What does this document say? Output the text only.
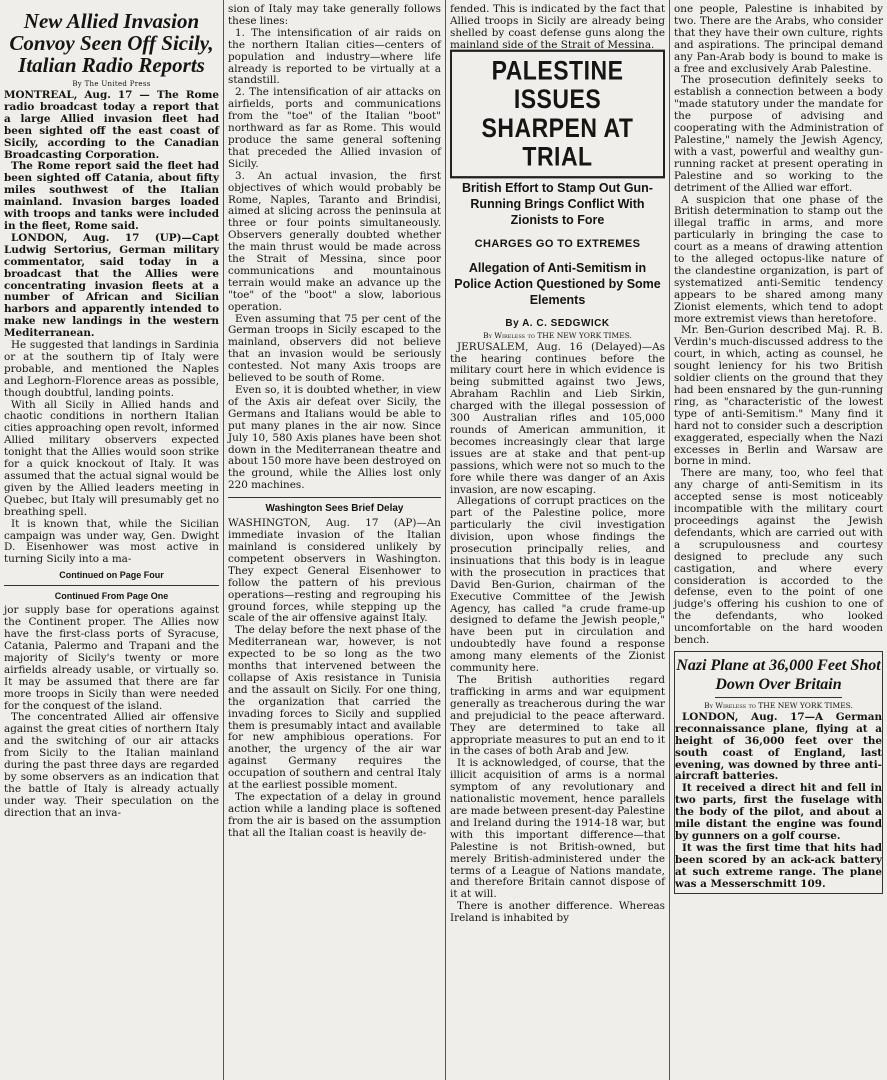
New Allied Invasion Convoy Seen Off Sicily, Italian Radio Reports
By The United Press

MONTREAL, Aug. 17 — The Rome radio broadcast today a report that a large Allied invasion fleet had been sighted off the east coast of Sicily, according to the Canadian Broadcasting Corporation.

The Rome report said the fleet had been sighted off Catania, about fifty miles southwest of the Italian mainland. Invasion barges loaded with troops and tanks were included in the fleet, Rome said.

LONDON, Aug. 17 (UP)—Capt Ludwig Sertorius, German military commentator, said today in a broadcast that the Allies were concentrating invasion fleets at a number of African and Sicilian harbors and apparently intended to make new landings in the western Mediterranean.

He suggested that landings in Sardinia or at the southern tip of Italy were probable, and mentioned the Naples and Leghorn-Florence areas as possible, though doubtful, landing points.

With all Sicily in Allied hands and chaotic conditions in northern Italian cities approaching open revolt, informed Allied military observers expected tonight that the Allies would soon strike for a quick knockout of Italy. It was assumed that the actual signal would be given by the Allied leaders meeting in Quebec, but Italy will presumably get no breathing spell.

It is known that, while the Sicilian campaign was under way, Gen. Dwight D. Eisenhower was most active in turning Sicily into a ma-

Continued on Page Four
Continued From Page One

jor supply base for operations against the Continent proper. The Allies now have the first-class ports of Syracuse, Catania, Palermo and Trapani and the majority of Sicily's twenty or more airfields already usable, or virtually so. It may be assumed that there are far more troops in Sicily than were needed for the conquest of the island.

The concentrated Allied air offensive against the great cities of northern Italy and the switching of our air attacks from Sicily to the Italian mainland during the past three days are regarded by some observers as an indication that the battle of Italy is already actually under way. Their speculation on the direction that an inva-

sion of Italy may take generally follows these lines:

1. The intensification of air raids on the northern Italian cities—centers of population and industry—where life already is reported to be virtually at a standstill.

2. The intensification of air attacks on airfields, ports and communications from the "toe" of the Italian "boot" northward as far as Rome. This would produce the same general softening that preceded the Allied invasion of Sicily.

3. An actual invasion, the first objectives of which would probably be Rome, Naples, Taranto and Brindisi, aimed at slicing across the peninsula at three or four points simultaneously. Observers generally doubted whether the main thrust would be made across the Strait of Messina, since poor communications and mountainous terrain would make an advance up the "toe" of the "boot" a slow, laborious operation.

Even assuming that 75 per cent of the German troops in Sicily escaped to the mainland, observers did not believe that an invasion would be seriously contested. Not many Axis troops are believed to be south of Rome.

Even so, it is doubted whether, in view of the Axis air defeat over Sicily, the Germans and Italians would be able to put many planes in the air now. Since July 10, 580 Axis planes have been shot down in the Mediterranean theatre and about 150 more have been destroyed on the ground, while the Allies lost only 220 machines.

Washington Sees Brief Delay

WASHINGTON, Aug. 17 (AP)—An immediate invasion of the Italian mainland is considered unlikely by competent observers in Washington. They expect General Eisenhower to follow the pattern of his previous operations—resting and regrouping his ground forces, while stepping up the scale of the air offensive against Italy.

The delay before the next phase of the Mediterranean war, however, is not expected to be so long as the two months that intervened between the collapse of Axis resistance in Tunisia and the assault on Sicily. For one thing, the organization that carried the invading forces to Sicily and supplied them is presumably intact and available for new amphibious operations. For another, the urgency of the air war against Germany requires the occupation of southern and central Italy at the earliest possible moment.

The expectation of a delay in ground action while a landing place is softened from the air is based on the assumption that all the Italian coast is heavily de-

fended. This is indicated by the fact that Allied troops in Sicily are already being shelled by coast defense guns along the mainland side of the Strait of Messina.

PALESTINE ISSUES SHARPEN AT TRIAL
British Effort to Stamp Out Gun-Running Brings Conflict With Zionists to Fore
CHARGES GO TO EXTREMES
Allegation of Anti-Semitism in Police Action Questioned by Some Elements
By A. C. SEDGWICK
By Wireless to THE NEW YORK TIMES.

JERUSALEM, Aug. 16 (Delayed)—As the hearing continues before the military court here in which evidence is being submitted against two Jews, Abraham Rachlin and Lieb Sirkin, charged with the illegal possession of 300 Australian rifles and 105,000 rounds of American ammunition, it becomes increasingly clear that large issues are at stake and that pent-up passions, which were not so much to the fore while there was danger of an Axis invasion, are now escaping.

Allegations of corrupt practices on the part of the Palestine police, more particularly the civil investigation division, upon whose findings the prosecution principally relies, and insinuations that this body is in league with the prosecution in practices that David Ben-Gurion, chairman of the Executive Committee of the Jewish Agency, has called "a crude frame-up designed to defame the Jewish people," have been put in circulation and undoubtedly have found a response among many elements of the Zionist community here.

The British authorities regard trafficking in arms and war equipment generally as treacherous during the war and prejudicial to the peace afterward. They are determined to take all appropriate measures to put an end to it in the cases of both Arab and Jew.

It is acknowledged, of course, that the illicit acquisition of arms is a normal symptom of any revolutionary and nationalistic movement, hence parallels are made between present-day Palestine and Ireland during the 1914-18 war, but with this important difference—that Palestine is not British-owned, but merely British-administered under the terms of a League of Nations mandate, and therefore Britain cannot dispose of it at will.

There is another difference. Whereas Ireland is inhabited by

one people, Palestine is inhabited by two. There are the Arabs, who consider that they have their own culture, rights and aspirations. The principal demand any Pan-Arab body is bound to make is a free and exclusively Arab Palestine.

The prosecution definitely seeks to establish a connection between a body "made statutory under the mandate for the purpose of advising and cooperating with the Administration of Palestine," namely the Jewish Agency, with a vast, powerful and wealthy gun-running racket at present operating in Palestine and so working to the detriment of the Allied war effort.

A suspicion that one phase of the British determination to stamp out the illegal traffic in arms, and more particularly in bringing the case to court as a means of drawing attention to the alleged octopus-like nature of the clandestine organization, is part of systematized anti-Semitic tendency appears to be shared among many Zionist elements, which tend to adopt more extremist views than heretofore.

Mr. Ben-Gurion described Maj. R. B. Verdin's much-discussed address to the court, in which, acting as counsel, he sought leniency for his two British soldier clients on the ground that they had been ensnared by the gun-running ring, as "characteristic of the lowest type of anti-Semitism." Many find it hard not to consider such a description exaggerated, especially when the Nazi excesses in Berlin and Warsaw are borne in mind.

There are many, too, who feel that any charge of anti-Semitism in its accepted sense is most noticeably incompatible with the military court proceedings against the Jewish defendants, which are carried out with a scrupulousness and courtesy designed to preclude any such castigation, and where every consideration is accorded to the defense, even to the point of one judge's offering his cushion to one of the defendants, who looked uncomfortable on the hard wooden bench.

Nazi Plane at 36,000 Feet Shot Down Over Britain
By Wireless to THE NEW YORK TIMES.

LONDON, Aug. 17—A German reconnaissance plane, flying at a height of 36,000 feet over the south coast of England, last evening, was downed by three anti-aircraft batteries.

It received a direct hit and fell in two parts, first the fuselage with the body of the pilot, and about a mile distant the engine was found by gunners on a golf course.

It was the first time that hits had been scored by an ack-ack battery at such extreme range. The plane was a Messerschmitt 109.
